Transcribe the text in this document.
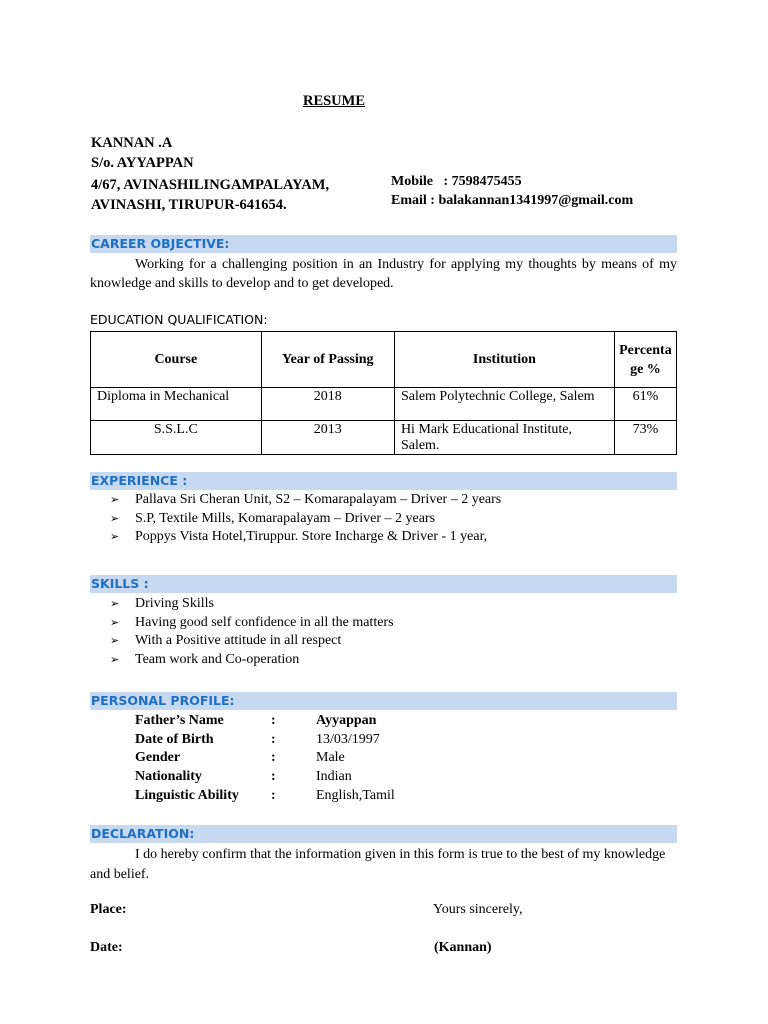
RESUME
KANNAN .A
S/o. AYYAPPAN
4/67, AVINASHILINGAMPALAYAM,
AVINASHI, TIRUPUR-641654.
Mobile   : 7598475455
Email : balakannan1341997@gmail.com
CAREER OBJECTIVE:
Working for a challenging position in an Industry for applying my thoughts by means of my knowledge and skills to develop and to get developed.
EDUCATION QUALIFICATION:
Course	Year of Passing	Institution	Percentage %
Diploma in Mechanical	2018	Salem Polytechnic College, Salem	61%
S.S.L.C	2013	Hi Mark Educational Institute, Salem.	73%
EXPERIENCE :
➢ Pallava Sri Cheran Unit, S2 – Komarapalayam – Driver – 2 years
➢ S.P, Textile Mills, Komarapalayam – Driver – 2 years
➢ Poppys Vista Hotel,Tiruppur. Store Incharge & Driver - 1 year,
SKILLS :
➢ Driving Skills
➢ Having good self confidence in all the matters
➢ With a Positive attitude in all respect
➢ Team work and Co-operation
PERSONAL PROFILE:
Father’s Name	:	Ayyappan
Date of Birth	:	13/03/1997
Gender	:	Male
Nationality	:	Indian
Linguistic Ability :	English,Tamil
DECLARATION:
I do hereby confirm that the information given in this form is true to the best of my knowledge and belief.
Place:
Date:
Yours sincerely,
(Kannan)
